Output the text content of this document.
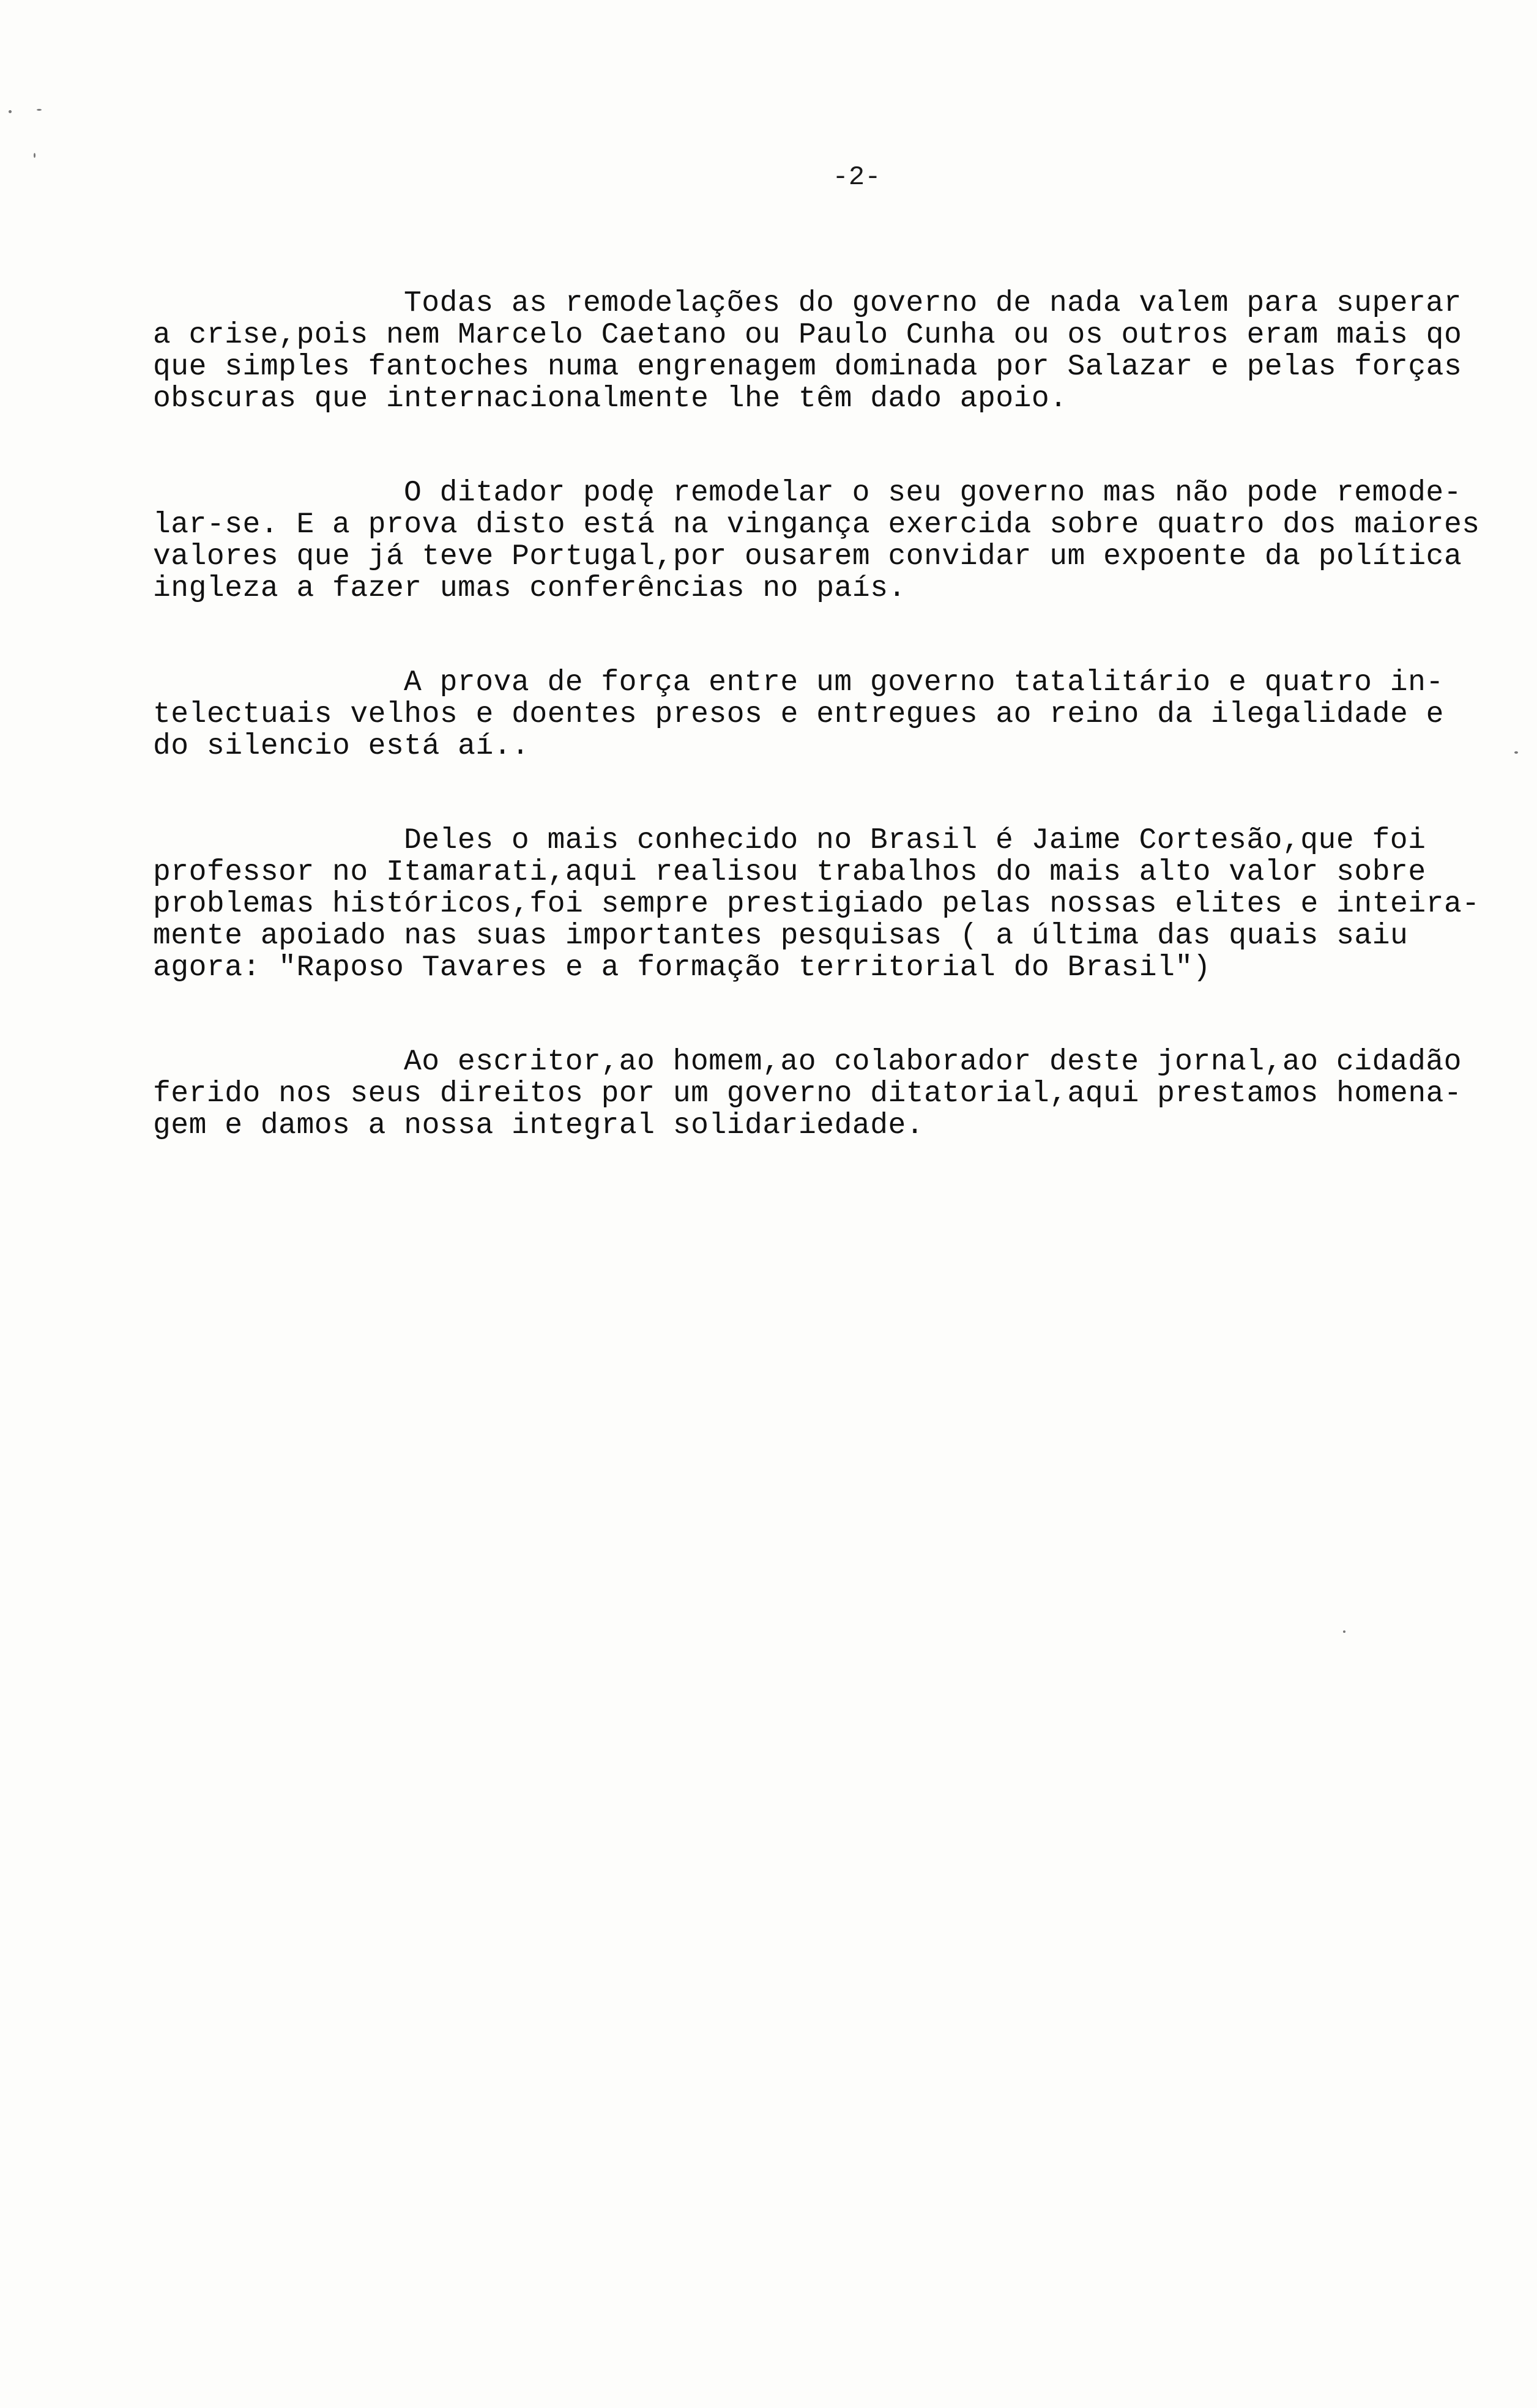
-2-
Todas as remodelações do governo de nada valem para superar
a crise,pois nem Marcelo Caetano ou Paulo Cunha ou os outros eram mais qo
que simples fantoches numa engrenagem dominada por Salazar e pelas forças
obscuras que internacionalmente lhe têm dado apoio.
O ditador podę remodelar o seu governo mas não pode remode-
lar-se. E a prova disto está na vingança exercida sobre quatro dos maiores
valores que já teve Portugal,por ousarem convidar um expoente da política
ingleza a fazer umas conferências no país.
A prova de força entre um governo tatalitário e quatro in-
telectuais velhos e doentes presos e entregues ao reino da ilegalidade e
do silencio está aí..
Deles o mais conhecido no Brasil é Jaime Cortesão,que foi
professor no Itamarati,aqui realisou trabalhos do mais alto valor sobre
problemas históricos,foi sempre prestigiado pelas nossas elites e inteira-
mente apoiado nas suas importantes pesquisas ( a última das quais saiu
agora: "Raposo Tavares e a formação territorial do Brasil")
Ao escritor,ao homem,ao colaborador deste jornal,ao cidadão
ferido nos seus direitos por um governo ditatorial,aqui prestamos homena-
gem e damos a nossa integral solidariedade.
